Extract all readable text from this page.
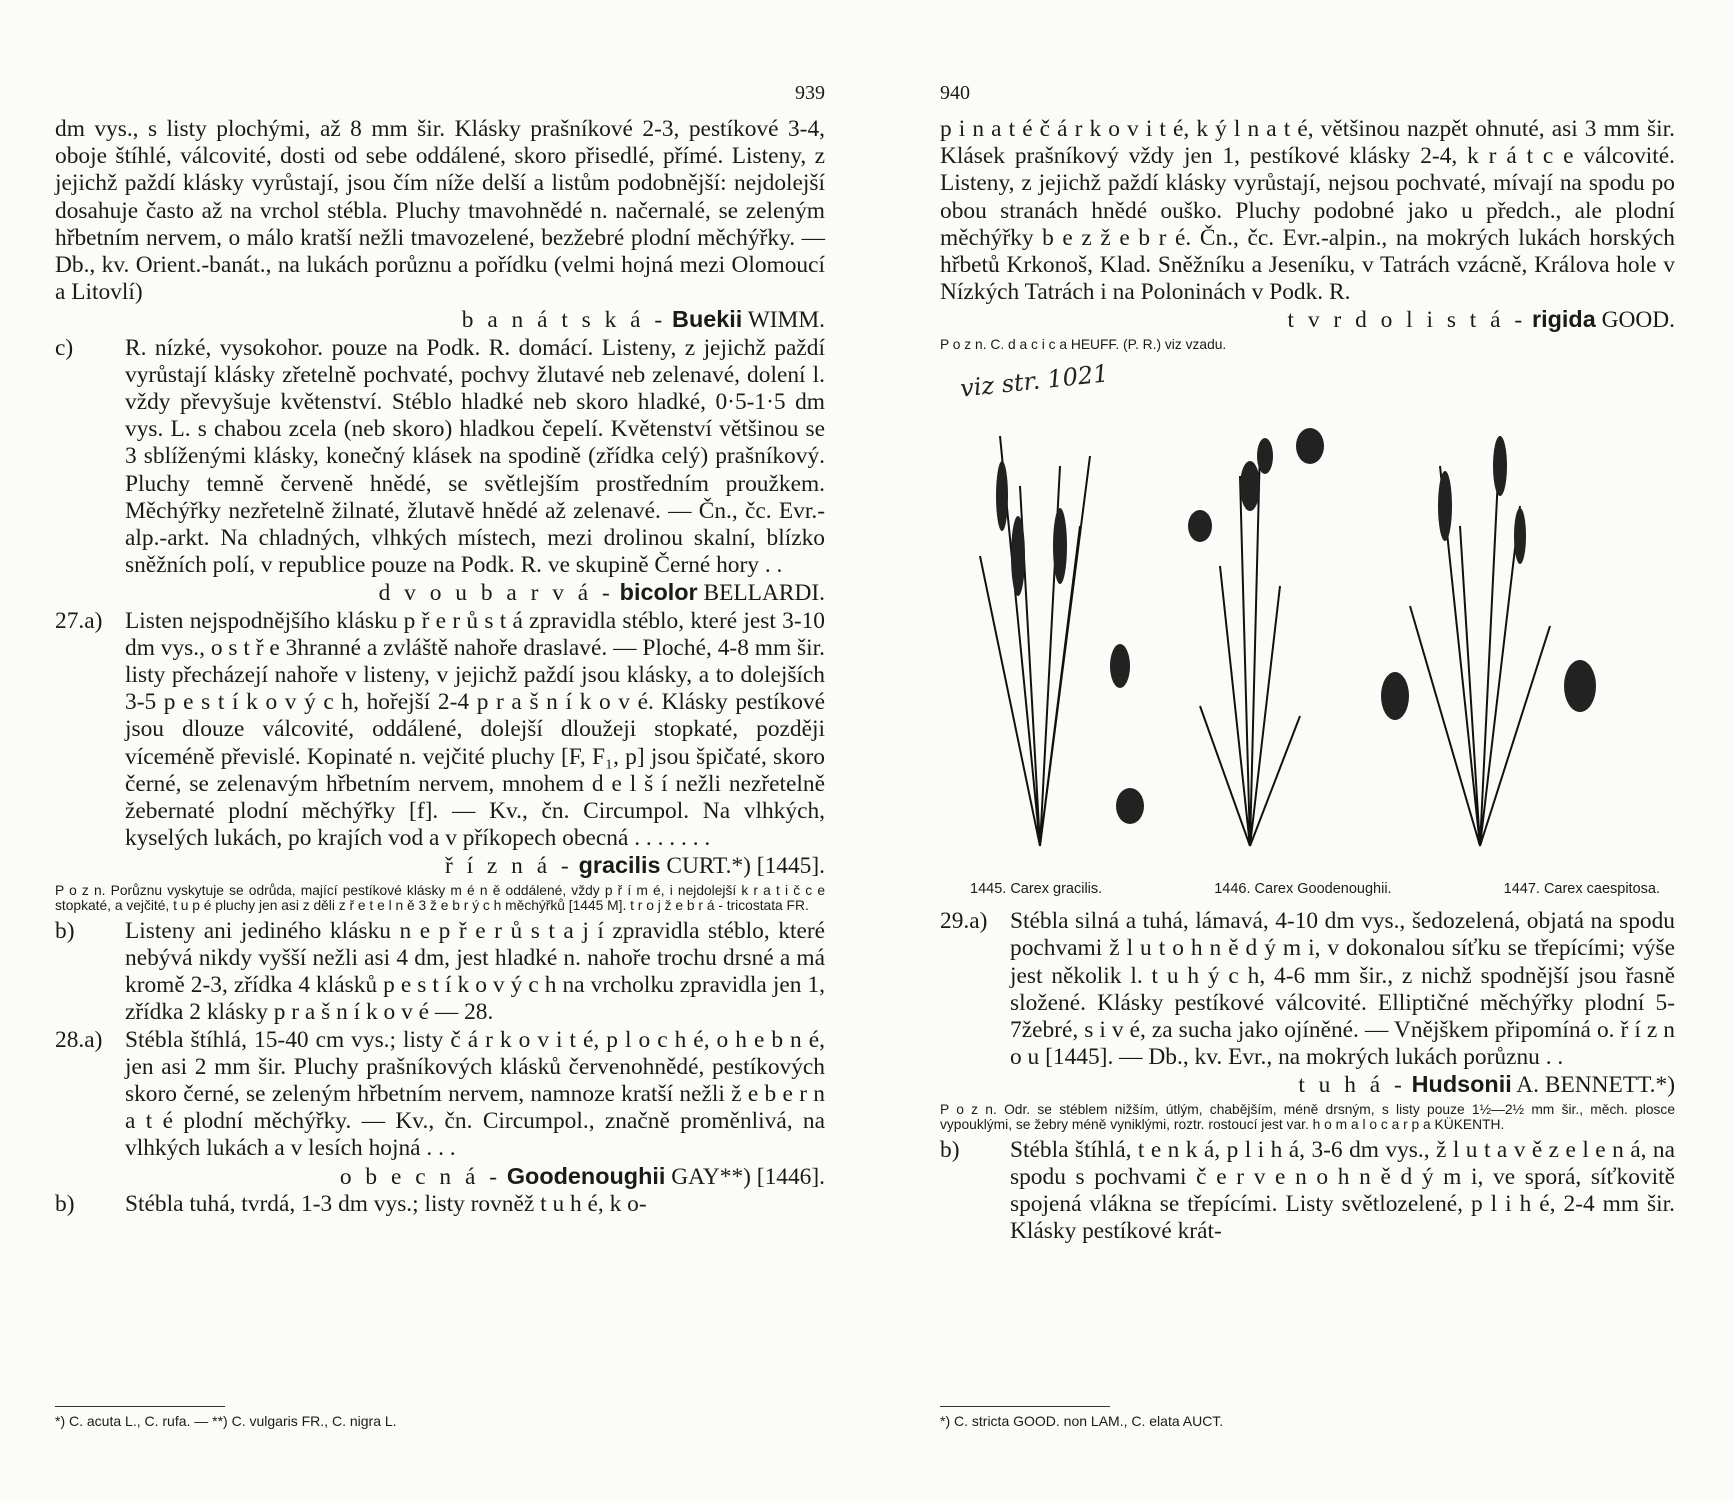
939

dm vys., s listy plochými, až 8 mm šir. Klásky prašníkové 2-3, pestíkové 3-4, oboje štíhlé, válcovité, dosti od sebe oddálené, skoro přisedlé, přímé. Listeny, z jejichž paždí klásky vyrůstají, jsou čím níže delší a listům podobnější: nejdolejší dosahuje často až na vrchol stébla. Pluchy tmavohnědé n. načernalé, se zeleným hřbetním nervem, o málo kratší nežli tmavozelené, bezžebré plodní měchýřky. — Db., kv. Orient.-banát., na lukách porůznu a pořídku (velmi hojná mezi Olomoucí a Litovlí)

b a n á t s k á - Buekii WIMM.

c) R. nízké, vysokohor. pouze na Podk. R. domácí. Listeny, z jejichž paždí vyrůstají klásky zřetelně pochvaté, pochvy žlutavé neb zelenavé, dolení l. vždy převyšuje květenství. Stéblo hladké neb skoro hladké, 0·5-1·5 dm vys. L. s chabou zcela (neb skoro) hladkou čepelí. Květenství většinou se 3 sblíženými klásky, konečný klásek na spodině (zřídka celý) prašníkový. Pluchy temně červeně hnědé, se světlejším prostředním proužkem. Měchýřky nezřetelně žilnaté, žlutavě hnědé až zelenavé. — Čn., čc. Evr.-alp.-arkt. Na chladných, vlhkých místech, mezi drolinou skalní, blízko sněžních polí, v republice pouze na Podk. R. ve skupině Černé hory . .

d v o u b a r v á - bicolor BELLARDI.

27.a) Listen nejspodnějšího klásku p ř e r ů s t á zpravidla stéblo, které jest 3-10 dm vys., o s t ř e 3hranné a zvláště nahoře draslavé. — Ploché, 4-8 mm šir. listy přecházejí nahoře v listeny, v jejichž paždí jsou klásky, a to dolejších 3-5 p e s t í k o v ý c h, hořejší 2-4 p r a š n í k o v é. Klásky pestíkové jsou dlouze válcovité, oddálené, dolejší dloužeji stopkaté, později víceméně převislé. Kopinaté n. vejčité pluchy [F, F₁, p] jsou špičaté, skoro černé, se zelenavým hřbetním nervem, mnohem d e l š í nežli nezřetelně žebernaté plodní měchýřky [f]. — Kv., čn. Circumpol. Na vlhkých, kyselých lukách, po krajích vod a v příkopech obecná . . . . . . .

ř í z n á - gracilis CURT.*) [1445].

P o z n. Porůznu vyskytuje se odrůda, mající pestíkové klásky m é n ě oddálené, vždy p ř í m é, i nejdolejší k r a t i č c e stopkaté, a vejčité, t u p é pluchy jen asi z děli z ř e t e l n ě 3 ž e b r ý c h měchýřků [1445 M]. t r o j ž e b r á - tricostata FR.

b) Listeny ani jediného klásku n e p ř e r ů s t a j í zpravidla stéblo, které nebývá nikdy vyšší nežli asi 4 dm, jest hladké n. nahoře trochu drsné a má kromě 2-3, zřídka 4 klásků p e s t í k o v ý c h na vrcholku zpravidla jen 1, zřídka 2 klásky p r a š n í k o v é — 28.

28.a) Stébla štíhlá, 15-40 cm vys.; listy č á r k o v i t é, p l o c h é, o h e b n é, jen asi 2 mm šir. Pluchy prašníkových klásků červenohnědé, pestíkových skoro černé, se zeleným hřbetním nervem, namnoze kratší nežli ž e b e r n a t é plodní měchýřky. — Kv., čn. Circumpol., značně proměnlivá, na vlhkých lukách a v lesích hojná . . .

o b e c n á - Goodenoughii GAY**) [1446].

b) Stébla tuhá, tvrdá, 1-3 dm vys.; listy rovněž t u h é, k o-

*) C. acuta L., C. rufa. — **) C. vulgaris FR., C. nigra L.
940

p i n a t é č á r k o v i t é, k ý l n a t é, většinou nazpět ohnuté, asi 3 mm šir. Klásek prašníkový vždy jen 1, pestíkové klásky 2-4, k r á t c e válcovité. Listeny, z jejichž paždí klásky vyrůstají, nejsou pochvaté, mívají na spodu po obou stranách hnědé ouško. Pluchy podobné jako u předch., ale plodní měchýřky b e z ž e b r é. Čn., čc. Evr.-alpin., na mokrých lukách horských hřbetů Krkonoš, Klad. Sněžníku a Jeseníku, v Tatrách vzácně, Králova hole v Nízkých Tatrách i na Poloninách v Podk. R.

t v r d o l i s t á - rigida GOOD.

P o z n. C. d a c i c a HEUFF. (P. R.) viz vzadu.

viz str. 1021
1445. Carex gracilis.	1446. Carex Goodenoughii.	1447. Carex caespitosa.

29.a) Stébla silná a tuhá, lámavá, 4-10 dm vys., šedozelená, objatá na spodu pochvami ž l u t o h n ě d ý m i, v dokonalou síťku se třepícími; výše jest několik l. t u h ý c h, 4-6 mm šir., z nichž spodnější jsou řasně složené. Klásky pestíkové válcovité. Elliptičné měchýřky plodní 5-7žebré, s i v é, za sucha jako ojíněné. — Vnějškem připomíná o. ř í z n o u [1445]. — Db., kv. Evr., na mokrých lukách porůznu . .

t u h á - Hudsonii A. BENNETT.*)

P o z n. Odr. se stéblem nižším, útlým, chabějším, méně drsným, s listy pouze 1½—2½ mm šir., měch. plosce vypouklými, se žebry méně vyniklými, roztr. rostoucí jest var. h o m a l o c a r p a KÜKENTH.

b) Stébla štíhlá, t e n k á, p l i h á, 3-6 dm vys., ž l u t a v ě z e l e n á, na spodu s pochvami č e r v e n o h n ě d ý m i, ve sporá, síťkovitě spojená vlákna se třepícími. Listy světlozelené, p l i h é, 2-4 mm šir. Klásky pestíkové krát-

*) C. stricta GOOD. non LAM., C. elata AUCT.
